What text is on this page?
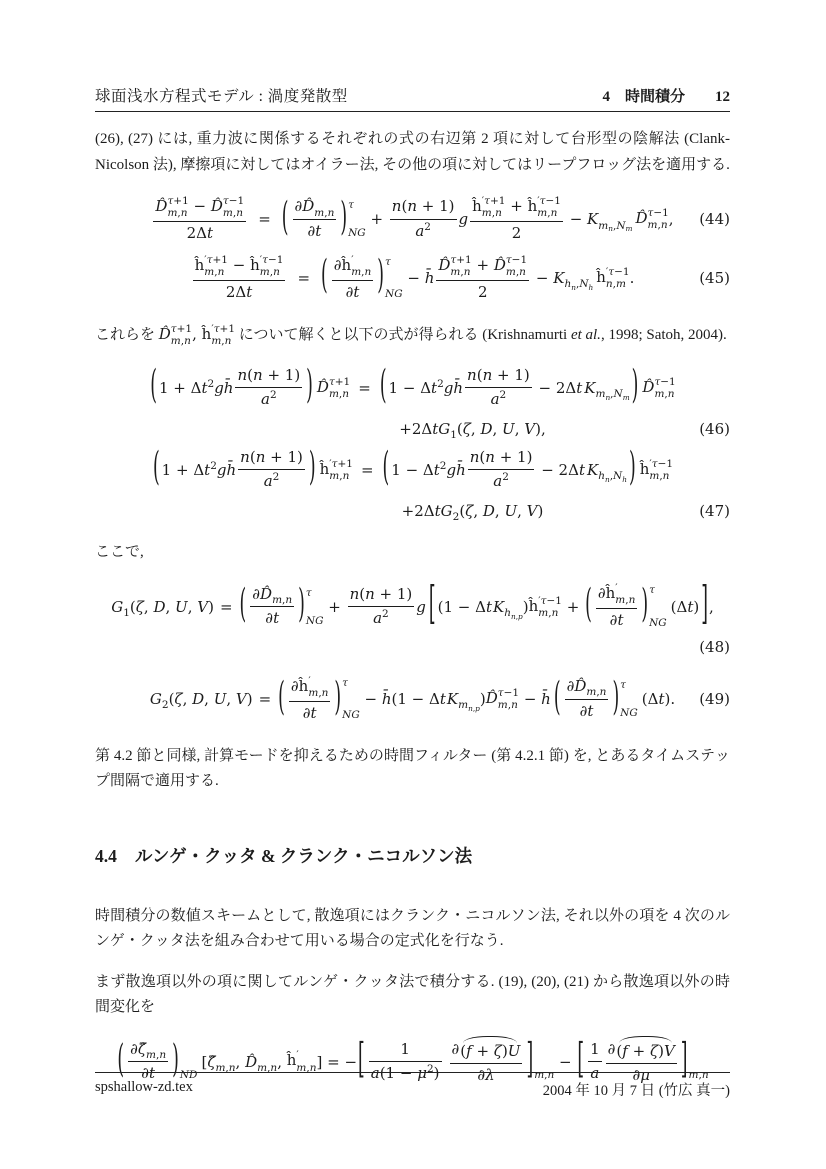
球面浅水方程式モデル : 渦度発散型	4　時間積分 12

(26), (27) には, 重力波に関係するそれぞれの式の右辺第 2 項に対して台形型の陰解法 (Clank-Nicolson 法), 摩擦項に対してはオイラー法, その他の項に対してはリープフロッグ法を適用する.

D̂ τ+1
m,n − D̂ τ−1
m,n
2Δt
= ( $\partial D̂_{m,n}$
∂t ) τ
NG
+
n(n + 1)
$a^2$ g
ĥ ′τ+1
m,n + ĥ ′τ−1
m,n
2
− $K_{m_n,N_m}$
D̂ τ−1
m,n , (44)
ĥ ′τ+1
m,n − ĥ ′τ−1
m,n
2Δt
= ( ∂ĥ ′
m,n
∂t ) τ
NG
− h̄
D̂ τ+1
m,n + D̂ τ−1
m,n
2
− $K_{h_n,N_h}$
ĥ ′τ−1
n,m .	(45)

これらを D̂ τ+1
m,n , ĥ ′τ+1
m,n について解くと以下の式が得られる (Krishnamurti et al., 1998; Satoh, 2004).

( 1 + Δ $t^2$ gh̄
n(n + 1)
$a^2$ ) D̂ τ+1
m,n = ( 1 − Δ $t^2$ gh̄
n(n + 1)
$a^2 - 2\Delta t$ $K_{m_n,N_m}$ ) D̂ τ−1
m,n
+2Δt $G_1$ (ζ, D, U, V),	(46)
( 1 + Δ $t^2$ gh̄
n(n + 1)
$a^2$ ) ĥ ′τ+1
m,n = ( 1 − Δ $t^2$ gh̄
n(n + 1)
$a^2 - 2\Delta t$ $K_{h_n,N_h}$ ) ĥ ′τ−1
m,n
+2Δt $G_2$ (ζ, D, U, V)	(47)

ここで,

$G_1$ (ζ, D, U, V) = ( $\partial D̂_{m,n}$
∂t ) τ
NG
+
n(n + 1)
$a^2$ g [ (1 − Δt $K_{h_{n,p}}$
) ĥ ′τ−1
m,n + ( ∂ĥ ′
m,n
∂t ) τ
NG
(Δt) ] ,
(48)
$G_2$ (ζ, D, U, V) = ( ∂ĥ ′
m,n
∂t ) τ
NG
− h̄ (1 − Δt $K_{m_{n,p}}$
) D̂ τ−1
m,n − h̄ ( $\partial D̂_{m,n}$
∂t ) τ
NG
(Δt). (49)

第 4.2 節と同様, 計算モードを抑えるための時間フィルター (第 4.2.1 節) を, とあるタイムステップ間隔で適用する.

4.4 ルンゲ・クッタ & クランク・ニコルソン法

時間積分の数値スキームとして, 散逸項にはクランク・ニコルソン法, それ以外の項を 4 次のルンゲ・クッタ法を組み合わせて用いる場合の定式化を行なう.

まず散逸項以外の項に関してルンゲ・クッタ法で積分する. (19), (20), (21) から散逸項以外の時間変化を

( $\partial\zetâ_{m,n}$
∂t ) ND
[ $\zetâ_{m,n}$ , $D̂_{m,n}$ , ĥ ′
m,n ] = − [ 1
$a(1 - \mu^2$ )
∂ (f + ζ)U
∂λ ] m,n
− [ 1
a
∂ (f + ζ)V
∂μ ] m,n
spshallow-zd.tex	2004 年 10 月 7 日 (竹広 真一)
